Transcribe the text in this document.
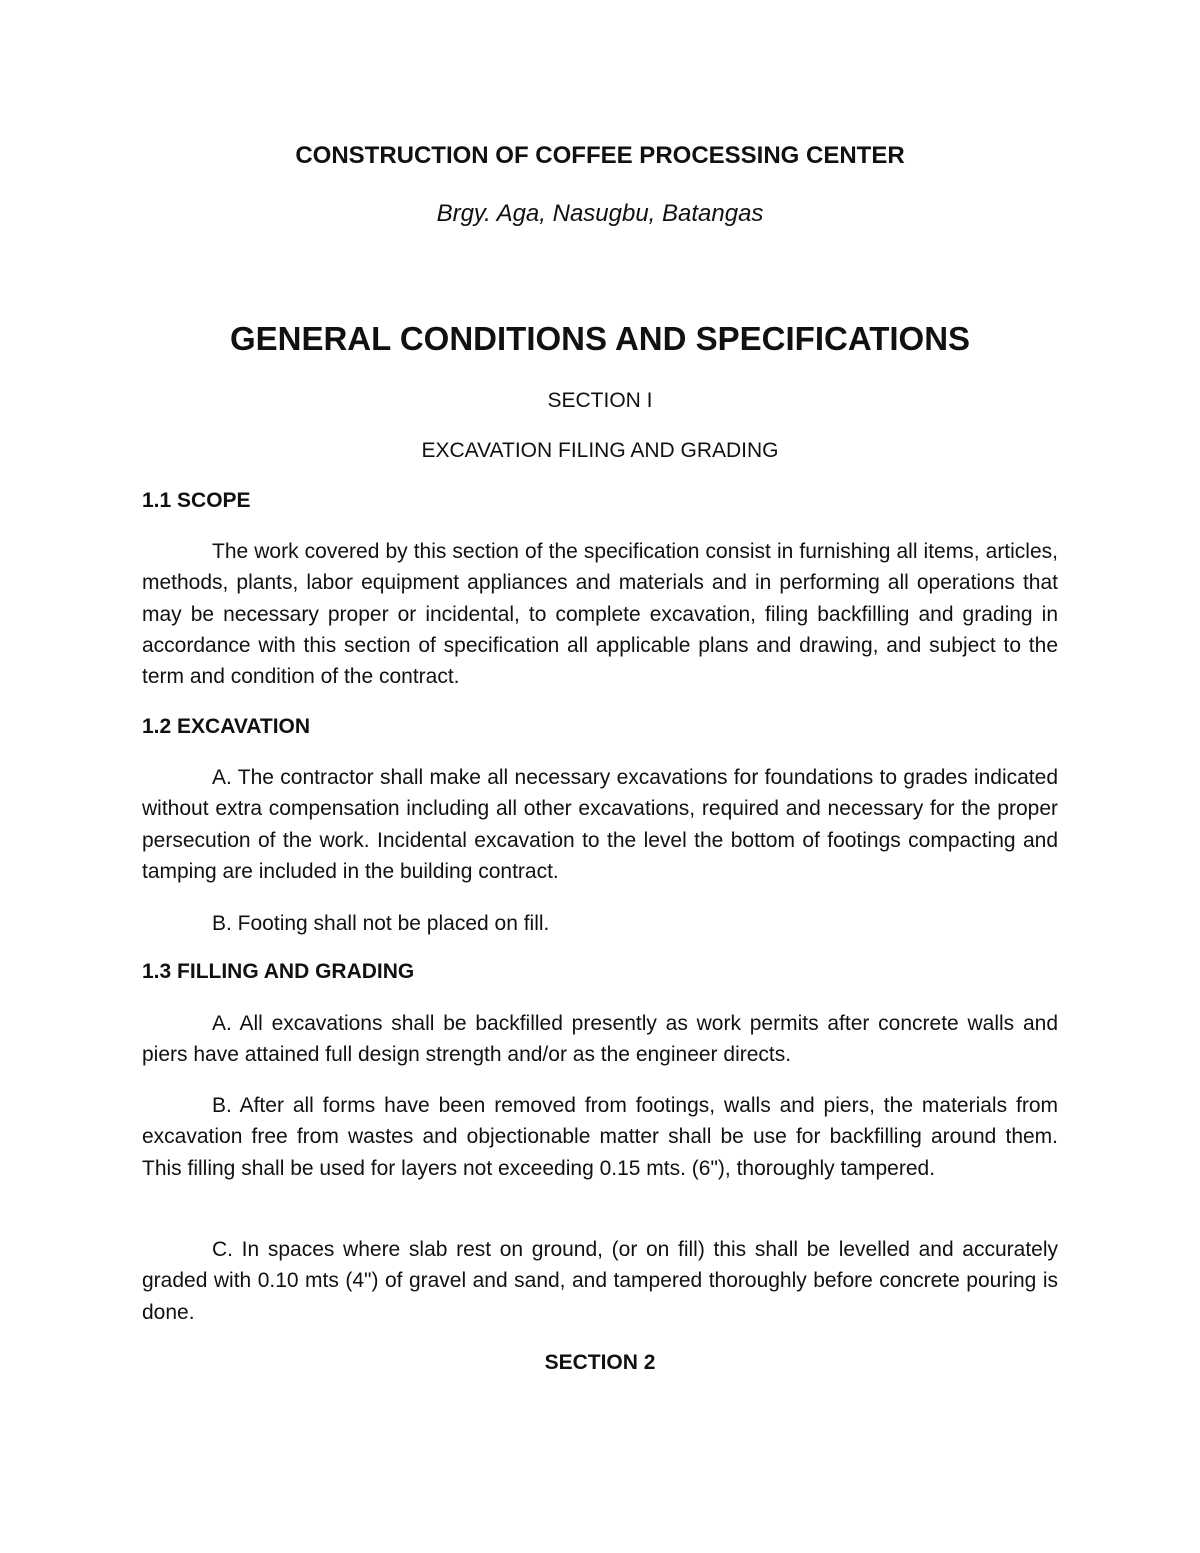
CONSTRUCTION OF COFFEE PROCESSING CENTER
Brgy. Aga, Nasugbu, Batangas
GENERAL CONDITIONS AND SPECIFICATIONS
SECTION I
EXCAVATION FILING AND GRADING
1.1 SCOPE

The work covered by this section of the specification consist in furnishing all items, articles, methods, plants, labor equipment appliances and materials and in performing all operations that may be necessary proper or incidental, to complete excavation, filing backfilling and grading in accordance with this section of specification all applicable plans and drawing, and subject to the term and condition of the contract.

1.2 EXCAVATION

A. The contractor shall make all necessary excavations for foundations to grades indicated without extra compensation including all other excavations, required and necessary for the proper persecution of the work. Incidental excavation to the level the bottom of footings compacting and tamping are included in the building contract.

B. Footing shall not be placed on fill.

1.3 FILLING AND GRADING

A. All excavations shall be backfilled presently as work permits after concrete walls and piers have attained full design strength and/or as the engineer directs.

B. After all forms have been removed from footings, walls and piers, the materials from excavation free from wastes and objectionable matter shall be use for backfilling around them. This filling shall be used for layers not exceeding 0.15 mts. (6"), thoroughly tampered.

C. In spaces where slab rest on ground, (or on fill) this shall be levelled and accurately graded with 0.10 mts (4") of gravel and sand, and tampered thoroughly before concrete pouring is done.

SECTION 2
